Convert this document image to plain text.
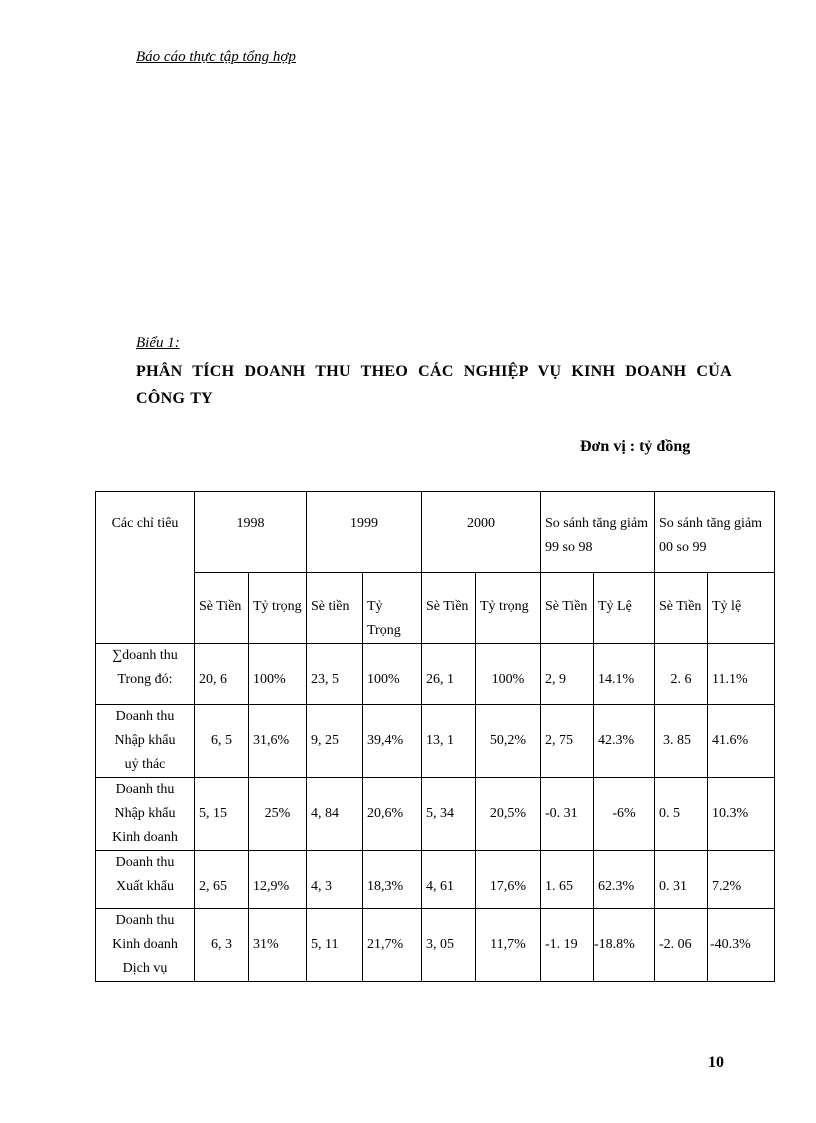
Báo cáo thực tập tổng hợp
Biểu 1:
PHÂN TÍCH DOANH THU THEO CÁC NGHIỆP VỤ KINH DOANH CỦA CÔNG TY
Đơn vị : tỷ đồng
Các chỉ tiêu	1998		1999		2000		So sánh tăng giảm 99 so 98		So sánh tăng giảm 00 so 99	
	Sè Tiền	Tỷ trọng	Sè tiền	Tỷ Trọng	Sè Tiền	Tỷ trọng	Sè Tiền	Tỷ Lệ	Sè Tiền	Tỷ lệ

∑doanh thu
Trong đó:	20, 6	100%	23, 5	100%	26, 1	100%	2, 9	14.1%	2. 6	11.1%

Doanh thu
Nhập khẩu
uỷ thác	6, 5	31,6%	9, 25	39,4%	13, 1	50,2%	2, 75	42.3%	3. 85	41.6%

Doanh thu
Nhập khẩu
Kinh doanh	5, 15	25%	4, 84	20,6%	5, 34	20,5%	-0. 31	-6%	0. 5	10.3%

Doanh thu
Xuất khẩu	2, 65	12,9%	4, 3	18,3%	4, 61	17,6%	1. 65	62.3%	0. 31	7.2%

Doanh thu
Kinh doanh
Dịch vụ	6, 3	31%	5, 11	21,7%	3, 05	11,7%	-1. 19	-18.8%	-2. 06	-40.3%
10
